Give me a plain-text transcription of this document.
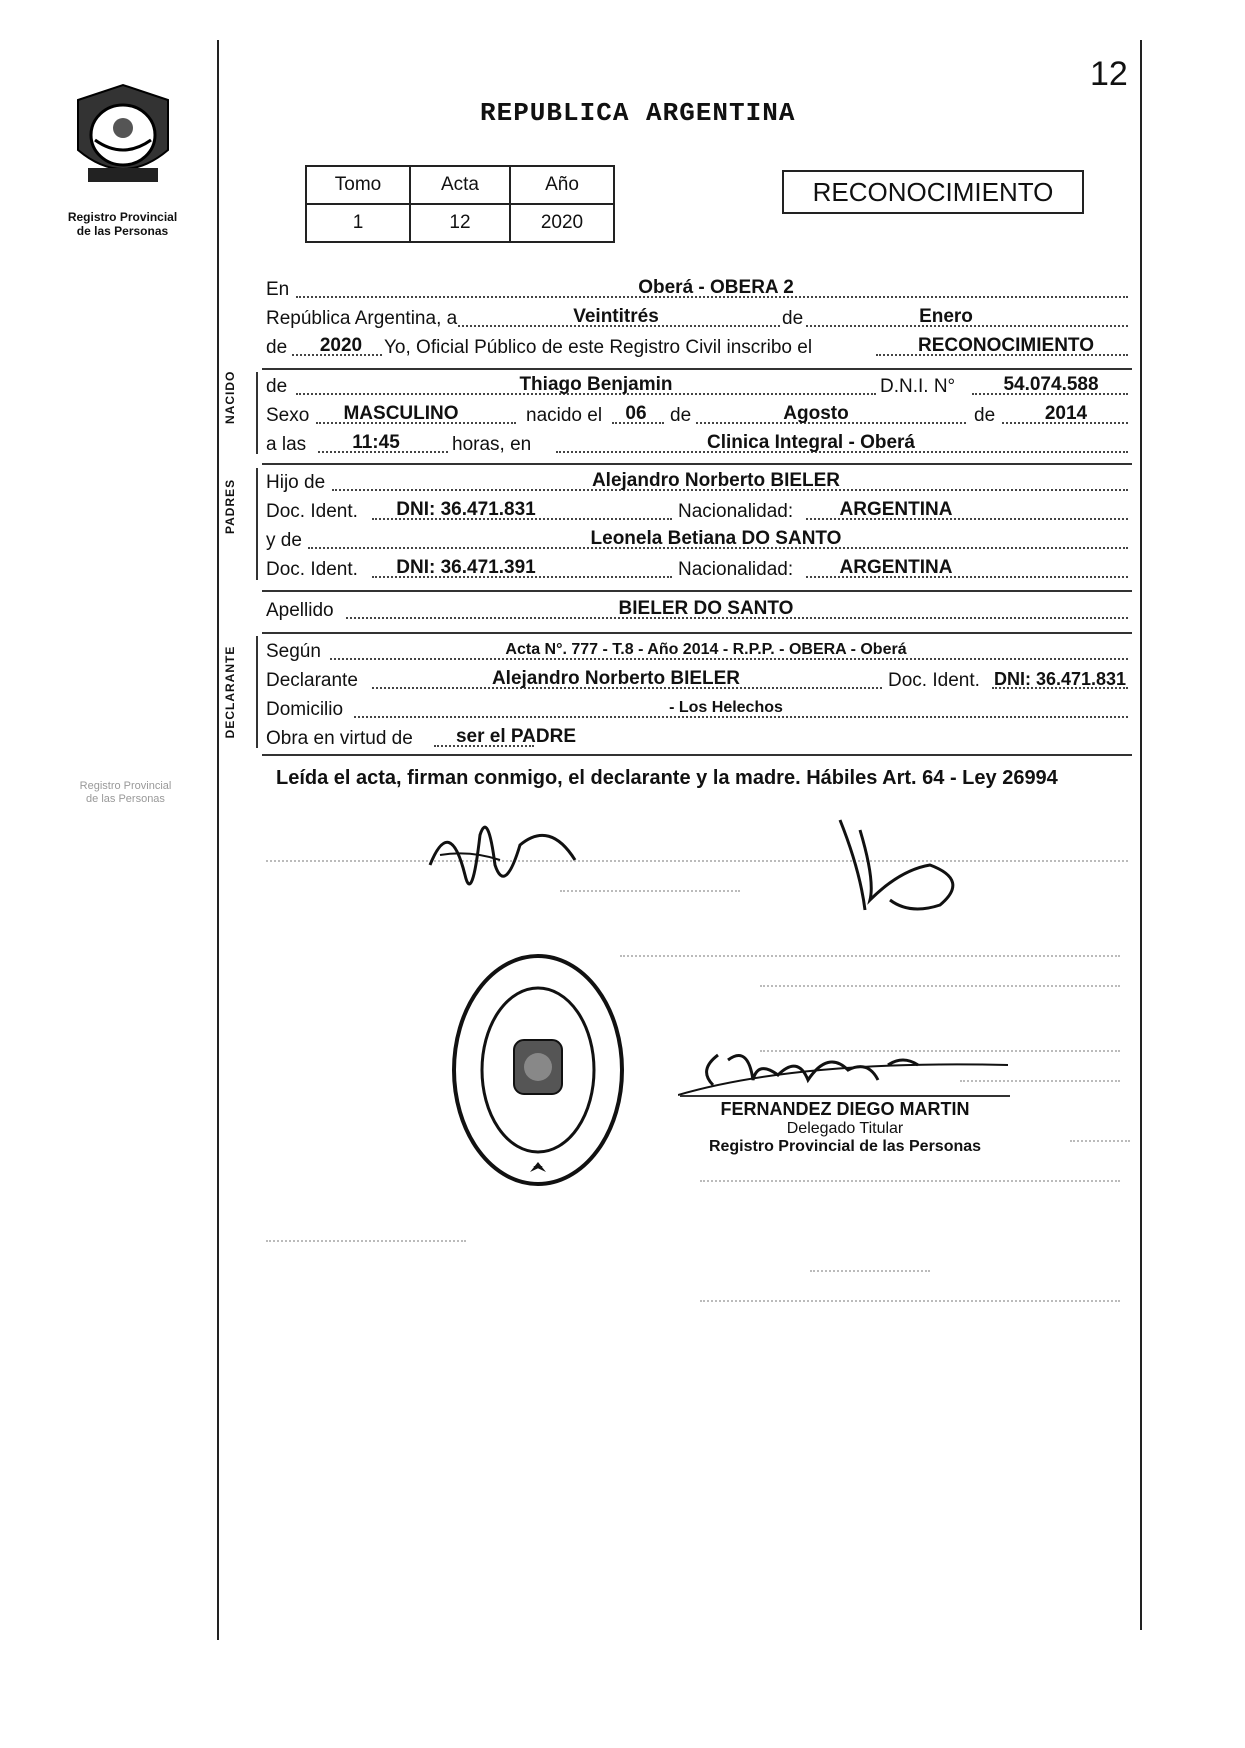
Registro Provincial
de las Personas
Registro Provincial
de las Personas
12
REPUBLICA ARGENTINA
Tomo	Acta	Año
1	12	2020
RECONOCIMIENTO
En	Oberá - OBERA 2
República Argentina, a	Veintitrés	de	Enero
de	2020	Yo, Oficial Público de este Registro Civil inscribo el	RECONOCIMIENTO
NACIDO	de	Thiago Benjamin	D.N.I. N°	54.074.588
Sexo	MASCULINO	nacido el	06	de	Agosto	de	2014
a las	11:45	horas, en	Clinica Integral - Oberá
PADRES	Hijo de	Alejandro Norberto BIELER
Doc. Ident.	DNI: 36.471.831	Nacionalidad:	ARGENTINA
y de	Leonela Betiana DO SANTO
Doc. Ident.	DNI: 36.471.391	Nacionalidad:	ARGENTINA
Apellido	BIELER DO SANTO
DECLARANTE	Según	Acta N°. 777 - T.8 - Año 2014 - R.P.P. - OBERA - Oberá
Declarante	Alejandro Norberto BIELER	Doc. Ident. DNI: 36.471.831
Domicilio	- Los Helechos
Obra en virtud de	ser el PADRE
Leída el acta, firman conmigo, el declarante y la madre. Hábiles Art. 64 - Ley 26994
FERNANDEZ DIEGO MARTIN
Delegado Titular
Registro Provincial de las Personas
